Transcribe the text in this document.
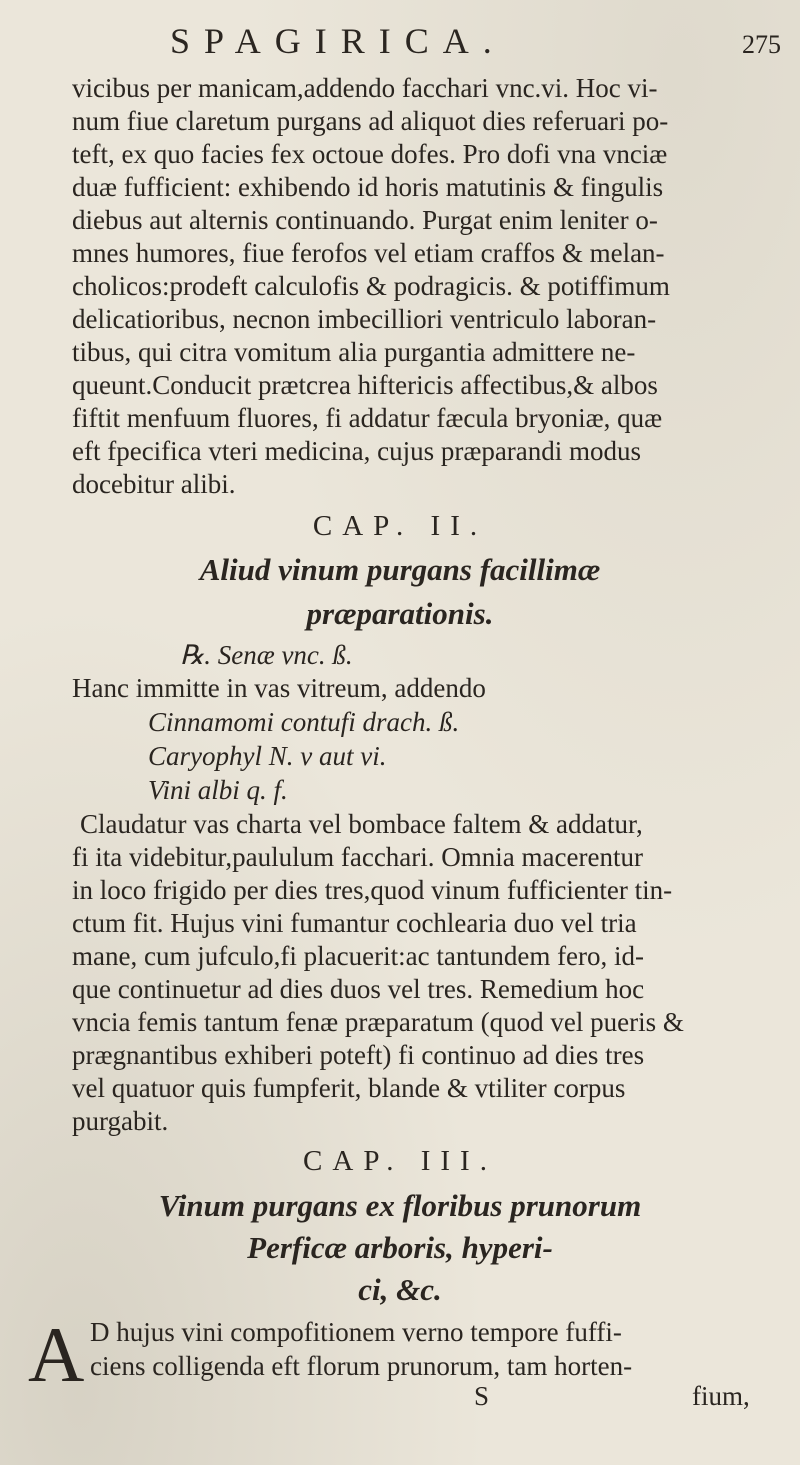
SPAGIRICA.	275
vicibus per manicam,addendo facchari vnc.vi. Hoc vi-
num fiue claretum purgans ad aliquot dies referuari po-
teft, ex quo facies fex octoue dofes. Pro dofi vna vnciæ
duæ fufficient: exhibendo id horis matutinis & fingulis
diebus aut alternis continuando. Purgat enim leniter o-
mnes humores, fiue ferofos vel etiam craffos & melan-
cholicos:prodeft calculofis & podragicis. & potiffimum
delicatioribus, necnon imbecilliori ventriculo laboran-
tibus, qui citra vomitum alia purgantia admittere ne-
queunt.Conducit prætcrea hiftericis affectibus,& albos
fiftit menfuum fluores, fi addatur fæcula bryoniæ, quæ
eft fpecifica vteri medicina, cujus præparandi modus
docebitur alibi.
CAP. II.
Aliud vinum purgans facillimæ
præparationis.
℞. Senæ vnc. ß.
Hanc immitte in vas vitreum, addendo
Cinnamomi contufi drach. ß.
Caryophyl N. v aut vi.
Vini albi q. f.
Claudatur vas charta vel bombace faltem & addatur,
fi ita videbitur,paululum facchari. Omnia macerentur
in loco frigido per dies tres,quod vinum fufficienter tin-
ctum fit. Hujus vini fumantur cochlearia duo vel tria
mane, cum jufculo,fi placuerit:ac tantundem fero, id-
que continuetur ad dies duos vel tres. Remedium hoc
vncia femis tantum fenæ præparatum (quod vel pueris &
prægnantibus exhiberi poteft) fi continuo ad dies tres
vel quatuor quis fumpferit, blande & vtiliter corpus
purgabit.
CAP. III.
Vinum purgans ex floribus prunorum
Perficæ arboris, hyperi-
ci, &c.
A D hujus vini compofitionem verno tempore fuffi-
ciens colligenda eft florum prunorum, tam horten-
S	fium,
